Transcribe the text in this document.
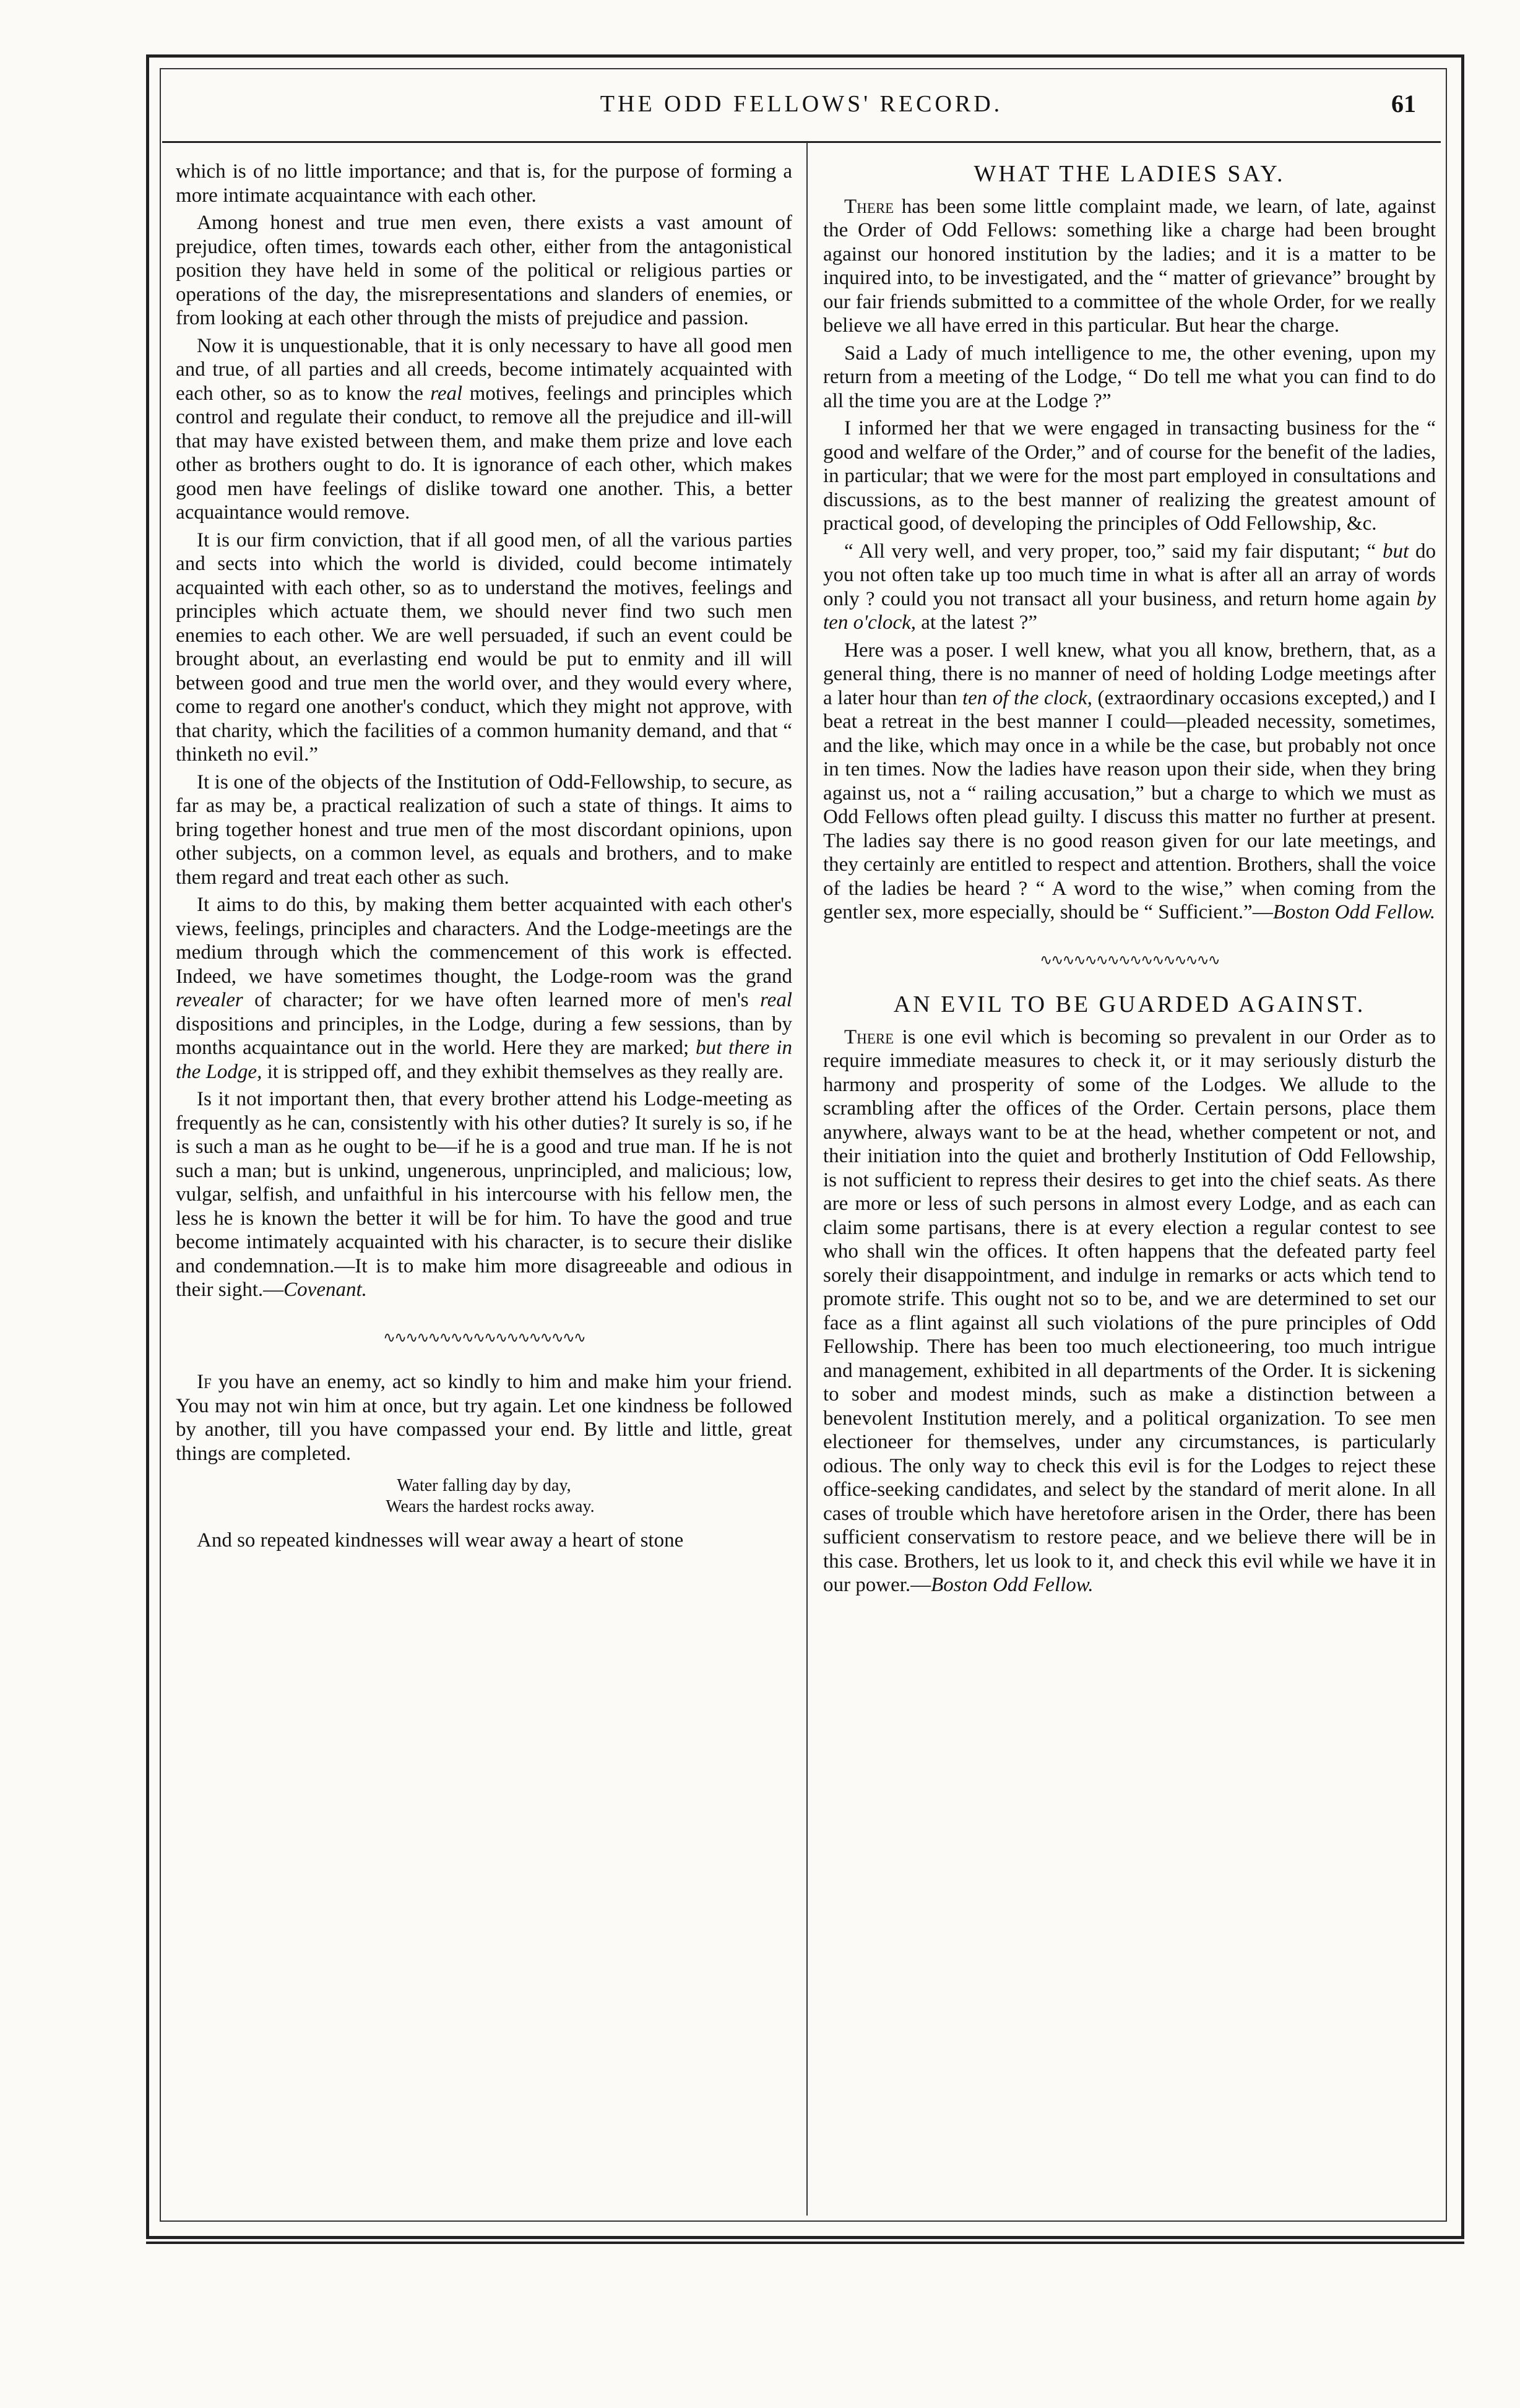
THE ODD FELLOWS' RECORD.	61

which is of no little importance; and that is, for the purpose of forming a more intimate acquaintance with each other.

Among honest and true men even, there exists a vast amount of prejudice, often times, towards each other, either from the antagonistical position they have held in some of the political or religious parties or operations of the day, the misrepresentations and slanders of enemies, or from looking at each other through the mists of prejudice and passion.

Now it is unquestionable, that it is only necessary to have all good men and true, of all parties and all creeds, become intimately acquainted with each other, so as to know the real motives, feelings and principles which control and regulate their conduct, to remove all the prejudice and ill-will that may have existed between them, and make them prize and love each other as brothers ought to do. It is ignorance of each other, which makes good men have feelings of dislike toward one another. This, a better acquaintance would remove.

It is our firm conviction, that if all good men, of all the various parties and sects into which the world is divided, could become intimately acquainted with each other, so as to understand the motives, feelings and principles which actuate them, we should never find two such men enemies to each other. We are well persuaded, if such an event could be brought about, an everlasting end would be put to enmity and ill will between good and true men the world over, and they would every where, come to regard one another's conduct, which they might not approve, with that charity, which the facilities of a common humanity demand, and that “ thinketh no evil.”

It is one of the objects of the Institution of Odd-Fellowship, to secure, as far as may be, a practical realization of such a state of things. It aims to bring together honest and true men of the most discordant opinions, upon other subjects, on a common level, as equals and brothers, and to make them regard and treat each other as such.

It aims to do this, by making them better acquainted with each other's views, feelings, principles and characters. And the Lodge-meetings are the medium through which the commencement of this work is effected. Indeed, we have sometimes thought, the Lodge-room was the grand revealer of character; for we have often learned more of men's real dispositions and principles, in the Lodge, during a few sessions, than by months acquaintance out in the world. Here they are marked; but there in the Lodge, it is stripped off, and they exhibit themselves as they really are.

Is it not important then, that every brother attend his Lodge-meeting as frequently as he can, consistently with his other duties? It surely is so, if he is such a man as he ought to be—if he is a good and true man. If he is not such a man; but is unkind, ungenerous, unprincipled, and malicious; low, vulgar, selfish, and unfaithful in his intercourse with his fellow men, the less he is known the better it will be for him. To have the good and true become intimately acquainted with his character, is to secure their dislike and condemnation.—It is to make him more disagreeable and odious in their sight.—Covenant.

∿∿∿∿∿∿∿∿∿∿∿∿∿∿∿∿∿∿

If you have an enemy, act so kindly to him and make him your friend. You may not win him at once, but try again. Let one kindness be followed by another, till you have compassed your end. By little and little, great things are completed.

Water falling day by day,
Wears the hardest rocks away.

And so repeated kindnesses will wear away a heart of stone

WHAT THE LADIES SAY.

There has been some little complaint made, we learn, of late, against the Order of Odd Fellows: something like a charge had been brought against our honored institution by the ladies; and it is a matter to be inquired into, to be investigated, and the “ matter of grievance” brought by our fair friends submitted to a committee of the whole Order, for we really believe we all have erred in this particular. But hear the charge.

Said a Lady of much intelligence to me, the other evening, upon my return from a meeting of the Lodge, “ Do tell me what you can find to do all the time you are at the Lodge ?”

I informed her that we were engaged in transacting business for the “ good and welfare of the Order,” and of course for the benefit of the ladies, in particular; that we were for the most part employed in consultations and discussions, as to the best manner of realizing the greatest amount of practical good, of developing the principles of Odd Fellowship, &c.

“ All very well, and very proper, too,” said my fair disputant; “ but do you not often take up too much time in what is after all an array of words only ? could you not transact all your business, and return home again by ten o'clock, at the latest ?”

Here was a poser. I well knew, what you all know, brethern, that, as a general thing, there is no manner of need of holding Lodge meetings after a later hour than ten of the clock, (extraordinary occasions excepted,) and I beat a retreat in the best manner I could—pleaded necessity, sometimes, and the like, which may once in a while be the case, but probably not once in ten times. Now the ladies have reason upon their side, when they bring against us, not a “ railing accusation,” but a charge to which we must as Odd Fellows often plead guilty. I discuss this matter no further at present. The ladies say there is no good reason given for our late meetings, and they certainly are entitled to respect and attention. Brothers, shall the voice of the ladies be heard ? “ A word to the wise,” when coming from the gentler sex, more especially, should be “ Sufficient.”—Boston Odd Fellow.

∿∿∿∿∿∿∿∿∿∿∿∿∿∿∿∿
AN EVIL TO BE GUARDED AGAINST.

There is one evil which is becoming so prevalent in our Order as to require immediate measures to check it, or it may seriously disturb the harmony and prosperity of some of the Lodges. We allude to the scrambling after the offices of the Order. Certain persons, place them anywhere, always want to be at the head, whether competent or not, and their initiation into the quiet and brotherly Institution of Odd Fellowship, is not sufficient to repress their desires to get into the chief seats. As there are more or less of such persons in almost every Lodge, and as each can claim some partisans, there is at every election a regular contest to see who shall win the offices. It often happens that the defeated party feel sorely their disappointment, and indulge in remarks or acts which tend to promote strife. This ought not so to be, and we are determined to set our face as a flint against all such violations of the pure principles of Odd Fellowship. There has been too much electioneering, too much intrigue and management, exhibited in all departments of the Order. It is sickening to sober and modest minds, such as make a distinction between a benevolent Institution merely, and a political organization. To see men electioneer for themselves, under any circumstances, is particularly odious. The only way to check this evil is for the Lodges to reject these office-seeking candidates, and select by the standard of merit alone. In all cases of trouble which have heretofore arisen in the Order, there has been sufficient conservatism to restore peace, and we believe there will be in this case. Brothers, let us look to it, and check this evil while we have it in our power.—Boston Odd Fellow.
